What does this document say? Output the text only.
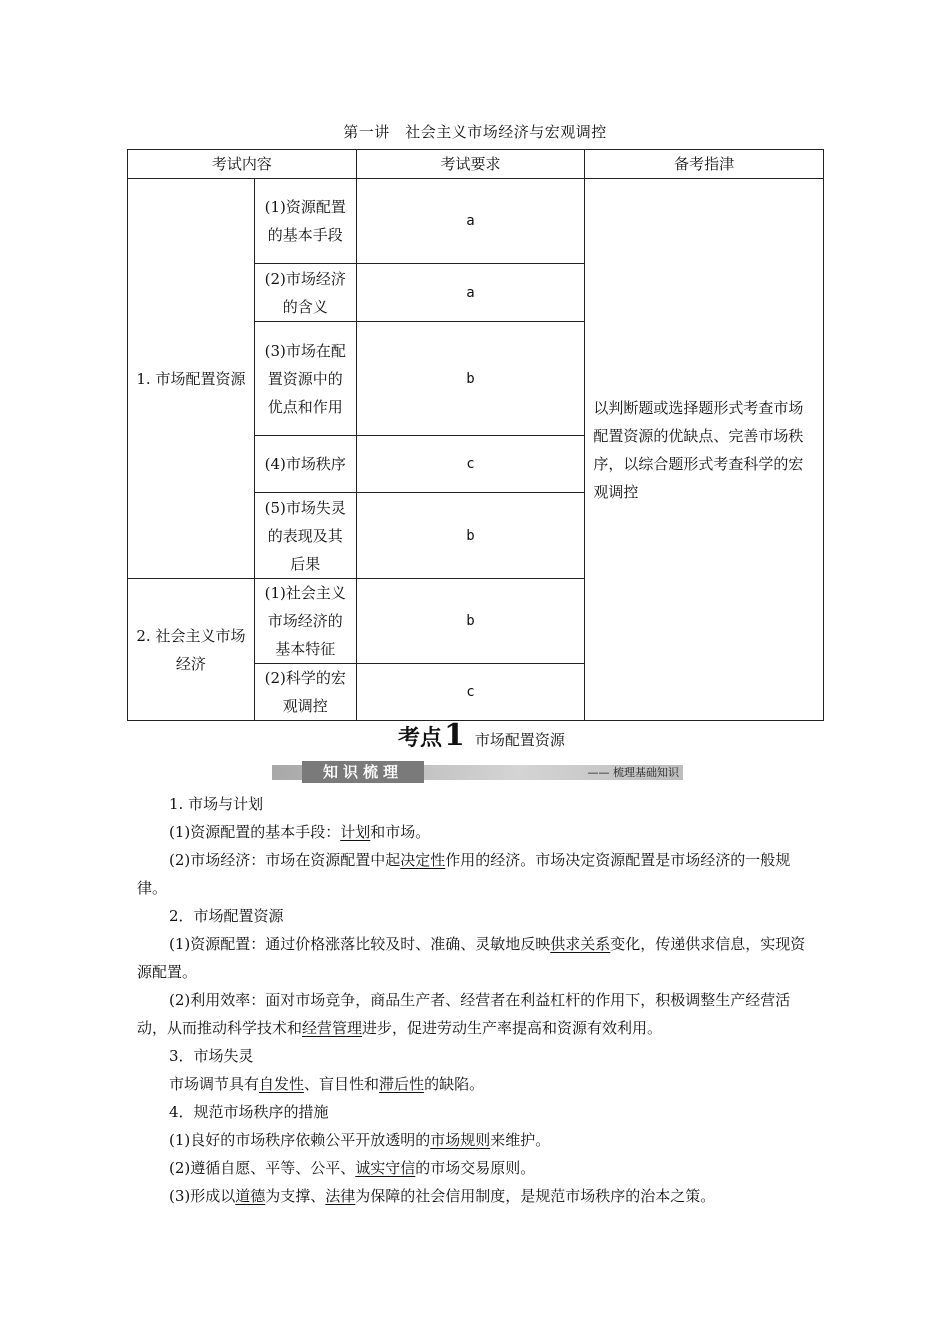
第一讲　社会主义市场经济与宏观调控
考试内容		考试要求	备考指津
1. 市场配置资源	(1)资源配置的基本手段	a	以判断题或选择题形式考查市场配置资源的优缺点、完善市场秩序，以综合题形式考查科学的宏观调控
	(2)市场经济的含义	a	
	(3)市场在配置资源中的优点和作用	b	
	(4)市场秩序	c	
	(5)市场失灵的表现及其后果	b	
2. 社会主义市场经济	(1)社会主义市场经济的基本特征	b	
	(2)科学的宏观调控	c	
考点1 市场配置资源
知识梳理	—— 梳理基础知识

1. 市场与计划

(1)资源配置的基本手段：计划和市场。

(2)市场经济：市场在资源配置中起决定性作用的经济。市场决定资源配置是市场经济的一般规律。

2．市场配置资源

(1)资源配置：通过价格涨落比较及时、准确、灵敏地反映供求关系变化，传递供求信息，实现资源配置。

(2)利用效率：面对市场竞争，商品生产者、经营者在利益杠杆的作用下，积极调整生产经营活动，从而推动科学技术和经营管理进步，促进劳动生产率提高和资源有效利用。

3．市场失灵

市场调节具有自发性、盲目性和滞后性的缺陷。

4．规范市场秩序的措施

(1)良好的市场秩序依赖公平开放透明的市场规则来维护。

(2)遵循自愿、平等、公平、诚实守信的市场交易原则。

(3)形成以道德为支撑、法律为保障的社会信用制度，是规范市场秩序的治本之策。
